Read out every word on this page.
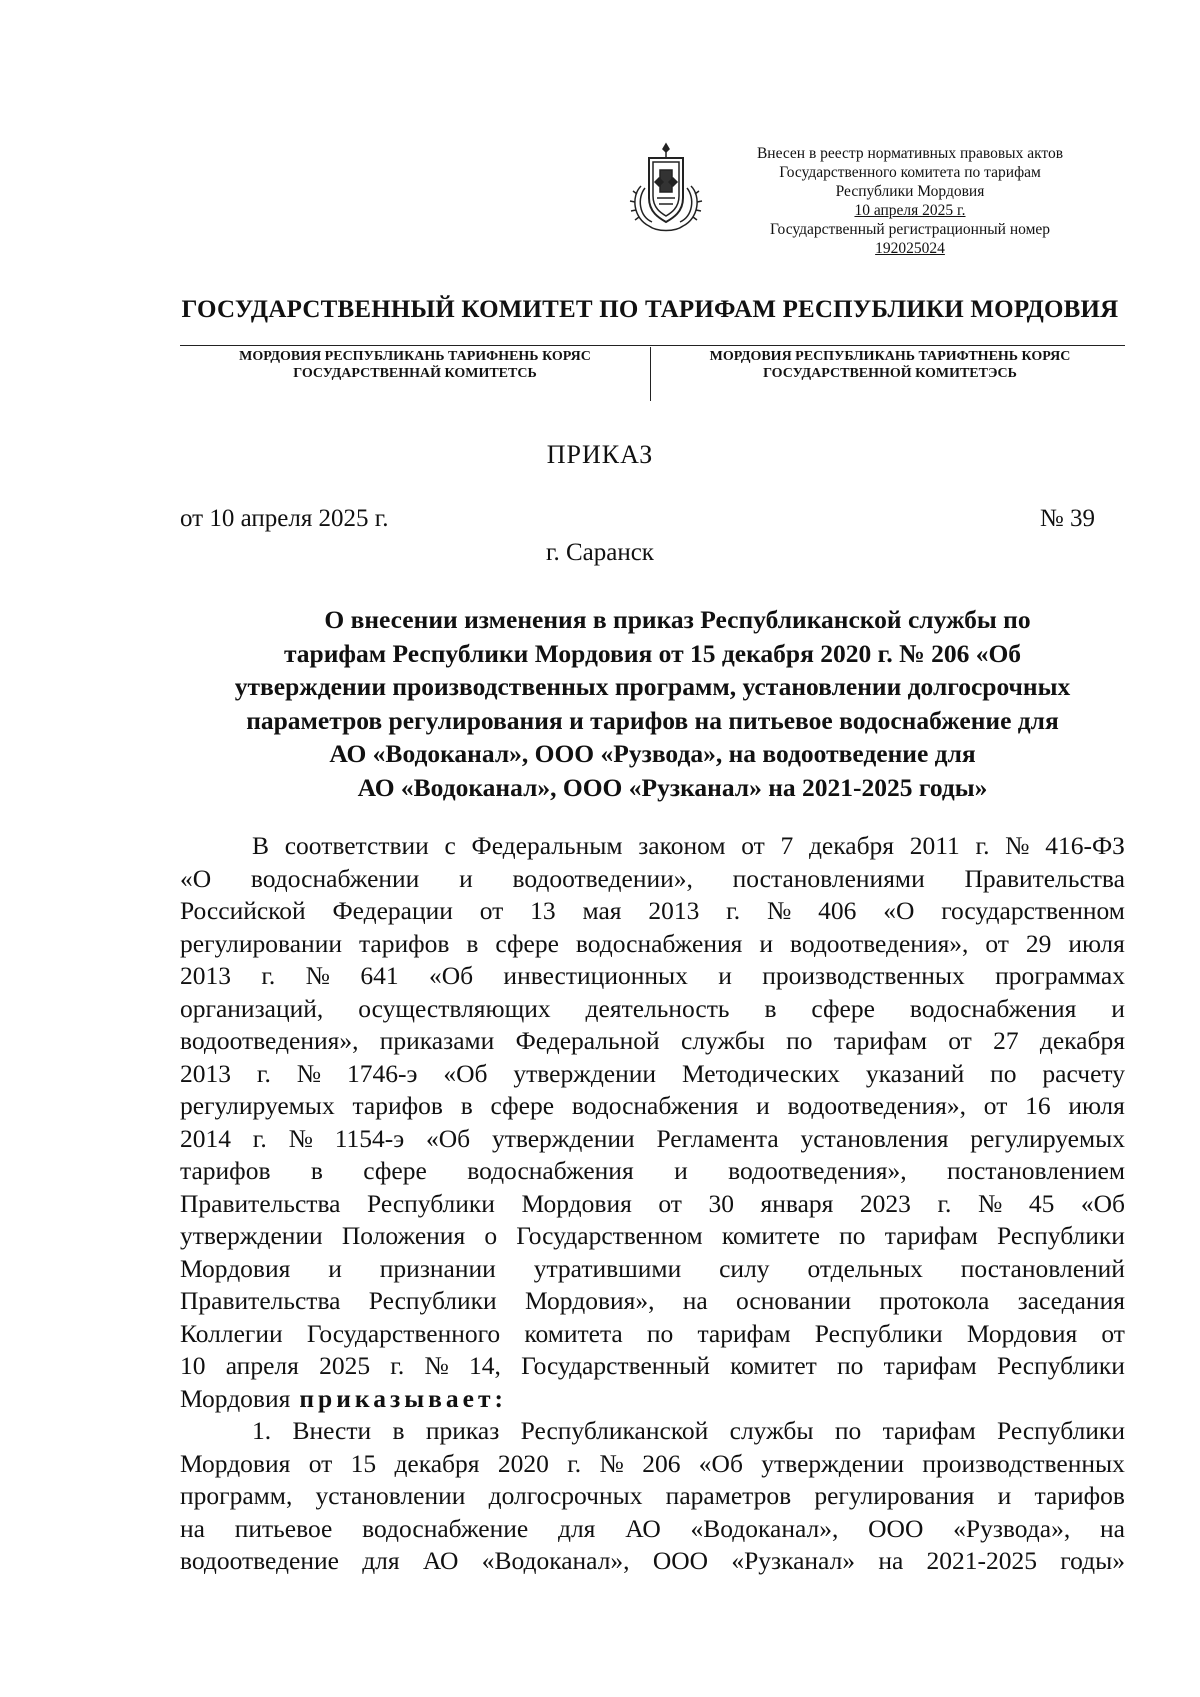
Внесен в реестр нормативных правовых актов
Государственного комитета по тарифам
Республики Мордовия
10 апреля 2025 г.
Государственный регистрационный номер
192025024
ГОСУДАРСТВЕННЫЙ КОМИТЕТ ПО ТАРИФАМ РЕСПУБЛИКИ МОРДОВИЯ
МОРДОВИЯ РЕСПУБЛИКАНЬ ТАРИФНЕНЬ КОРЯС
ГОСУДАРСТВЕННАЙ КОМИТЕТСЬ
МОРДОВИЯ РЕСПУБЛИКАНЬ ТАРИФТНЕНЬ КОРЯС
ГОСУДАРСТВЕННОЙ КОМИТЕТЭСЬ
ПРИКАЗ
от 10 апреля 2025 г.	№ 39
г. Саранск
О внесении изменения в приказ Республиканской службы по
тарифам Республики Мордовия от 15 декабря 2020 г. № 206 «Об
утверждении производственных программ, установлении долгосрочных
параметров регулирования и тарифов на питьевое водоснабжение для
АО «Водоканал», ООО «Рузвода», на водоотведение для
АО «Водоканал», ООО «Рузканал» на 2021-2025 годы»
В соответствии с Федеральным законом от 7 декабря 2011 г. № 416-ФЗ
«О водоснабжении и водоотведении», постановлениями Правительства
Российской Федерации от 13 мая 2013 г. № 406 «О государственном
регулировании тарифов в сфере водоснабжения и водоотведения», от 29 июля
2013 г. № 641 «Об инвестиционных и производственных программах
организаций, осуществляющих деятельность в сфере водоснабжения и
водоотведения», приказами Федеральной службы по тарифам от 27 декабря
2013 г. № 1746-э «Об утверждении Методических указаний по расчету
регулируемых тарифов в сфере водоснабжения и водоотведения», от 16 июля
2014 г. № 1154-э «Об утверждении Регламента установления регулируемых
тарифов в сфере водоснабжения и водоотведения», постановлением
Правительства Республики Мордовия от 30 января 2023 г. № 45 «Об
утверждении Положения о Государственном комитете по тарифам Республики
Мордовия и признании утратившими силу отдельных постановлений
Правительства Республики Мордовия», на основании протокола заседания
Коллегии Государственного комитета по тарифам Республики Мордовия от
10 апреля 2025 г. № 14, Государственный комитет по тарифам Республики
Мордовия приказывает:
1. Внести в приказ Республиканской службы по тарифам Республики
Мордовия от 15 декабря 2020 г. № 206 «Об утверждении производственных
программ, установлении долгосрочных параметров регулирования и тарифов
на питьевое водоснабжение для АО «Водоканал», ООО «Рузвода», на
водоотведение для АО «Водоканал», ООО «Рузканал» на 2021-2025 годы»
